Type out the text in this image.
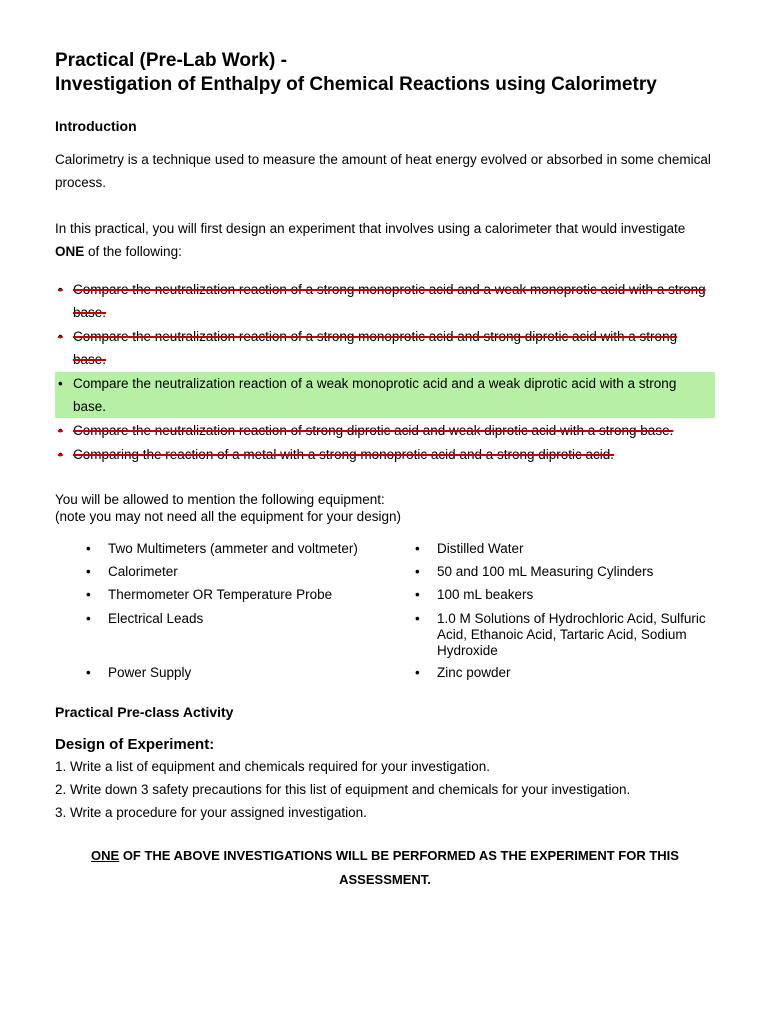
Practical (Pre-Lab Work) -
Investigation of Enthalpy of Chemical Reactions using Calorimetry
Introduction

Calorimetry is a technique used to measure the amount of heat energy evolved or absorbed in some chemical process.

In this practical, you will first design an experiment that involves using a calorimeter that would investigate ONE of the following:

• Compare the neutralization reaction of a strong monoprotic acid and a weak monoprotic acid with a strong base.
• Compare the neutralization reaction of a strong monoprotic acid and strong diprotic acid with a strong base.
• Compare the neutralization reaction of a weak monoprotic acid and a weak diprotic acid with a strong base.
• Compare the neutralization reaction of strong diprotic acid and weak diprotic acid with a strong base.
• Comparing the reaction of a metal with a strong monoprotic acid and a strong diprotic acid.

You will be allowed to mention the following equipment:

(note you may not need all the equipment for your design)

• Two Multimeters (ammeter and voltmeter)
• Calorimeter
• Thermometer OR Temperature Probe
• Electrical Leads
• Power Supply
• Distilled Water
• 50 and 100 mL Measuring Cylinders
• 100 mL beakers
• 1.0 M Solutions of Hydrochloric Acid, Sulfuric Acid, Ethanoic Acid, Tartaric Acid, Sodium Hydroxide
• Zinc powder
Practical Pre-class Activity
Design of Experiment:

1. Write a list of equipment and chemicals required for your investigation.

2. Write down 3 safety precautions for this list of equipment and chemicals for your investigation.

3. Write a procedure for your assigned investigation.

ONE OF THE ABOVE INVESTIGATIONS WILL BE PERFORMED AS THE EXPERIMENT FOR THIS

ASSESSMENT.
